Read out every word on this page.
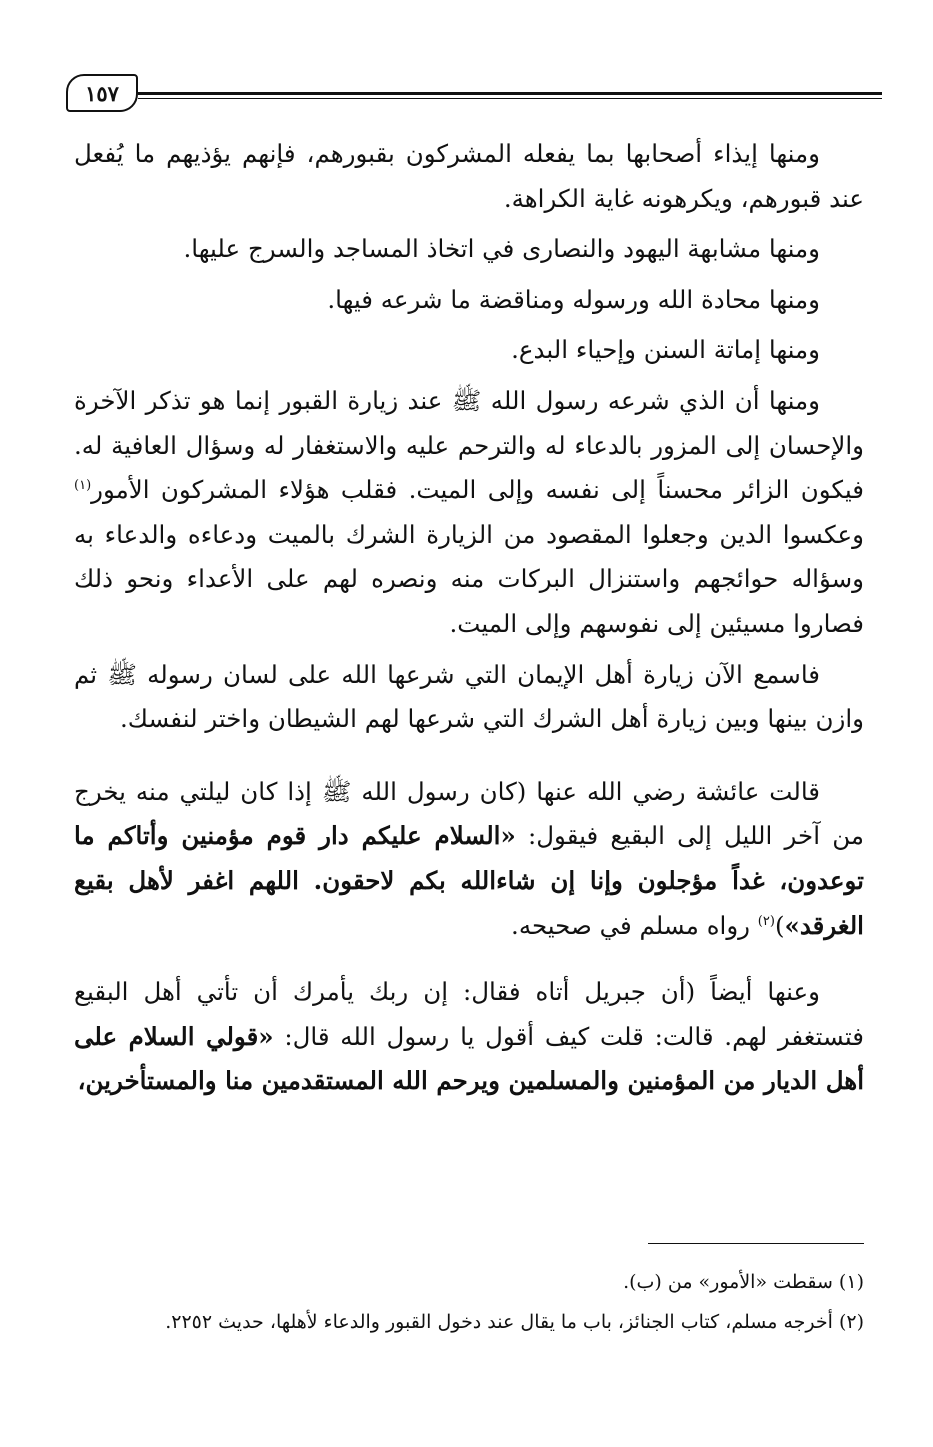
١٥٧

ومنها إيذاء أصحابها بما يفعله المشركون بقبورهم، فإنهم يؤذيهم ما يُفعل عند قبورهم، ويكرهونه غاية الكراهة.

ومنها مشابهة اليهود والنصارى في اتخاذ المساجد والسرج عليها.

ومنها محادة الله ورسوله ومناقضة ما شرعه فيها.

ومنها إماتة السنن وإحياء البدع.

ومنها أن الذي شرعه رسول الله ﷺ عند زيارة القبور إنما هو تذكر الآخرة والإحسان إلى المزور بالدعاء له والترحم عليه والاستغفار له وسؤال العافية له. فيكون الزائر محسناً إلى نفسه وإلى الميت. فقلب هؤلاء المشركون الأمور$^{(١)}$ وعكسوا الدين وجعلوا المقصود من الزيارة الشرك بالميت ودعاءه والدعاء به وسؤاله حوائجهم واستنزال البركات منه ونصره لهم على الأعداء ونحو ذلك فصاروا مسيئين إلى نفوسهم وإلى الميت.

فاسمع الآن زيارة أهل الإيمان التي شرعها الله على لسان رسوله ﷺ ثم وازن بينها وبين زيارة أهل الشرك التي شرعها لهم الشيطان واختر لنفسك.

قالت عائشة رضي الله عنها (كان رسول الله ﷺ إذا كان ليلتي منه يخرج من آخر الليل إلى البقيع فيقول: «السلام عليكم دار قوم مؤمنين وأتاكم ما توعدون، غداً مؤجلون وإنا إن شاءالله بكم لاحقون. اللهم اغفر لأهل بقيع الغرقد»)$^{(٢)}$ رواه مسلم في صحيحه.

وعنها أيضاً (أن جبريل أتاه فقال: إن ربك يأمرك أن تأتي أهل البقيع فتستغفر لهم. قالت: قلت كيف أقول يا رسول الله قال: «قولي السلام على أهل الديار من المؤمنين والمسلمين ويرحم الله المستقدمين منا والمستأخرين،

(١) سقطت «الأمور» من (ب).
(٢) أخرجه مسلم، كتاب الجنائز، باب ما يقال عند دخول القبور والدعاء لأهلها، حديث ٢٢٥٢.
